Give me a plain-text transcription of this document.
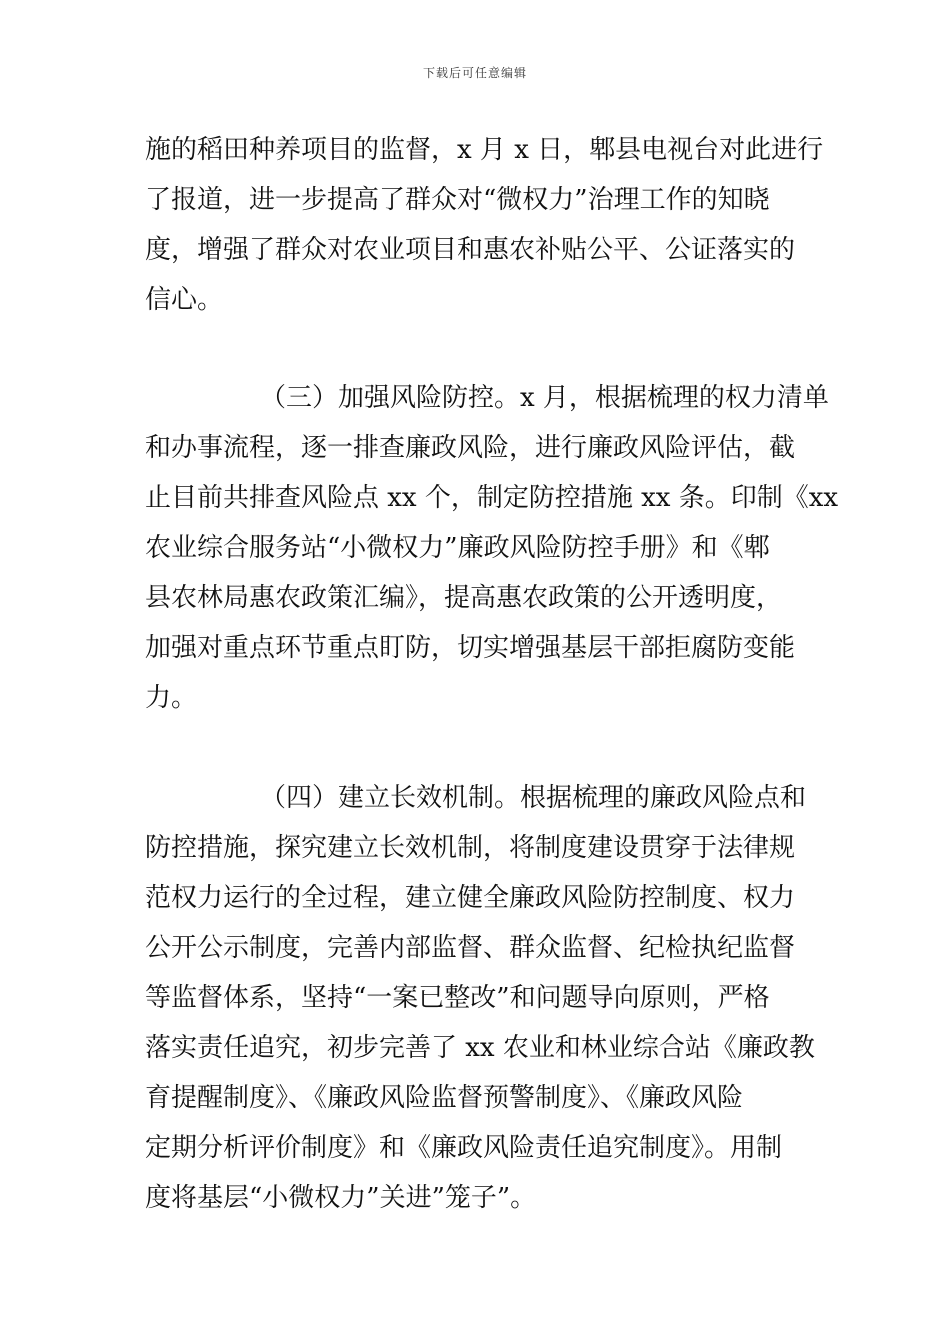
下载后可任意编辑
施的稻田种养项目的监督，x 月 x 日，郫县电视台对此进行
了报道，进一步提高了群众对“微权力”治理工作的知晓
度，增强了群众对农业项目和惠农补贴公平、公证落实的
信心。
（三）加强风险防控。x 月，根据梳理的权力清单
和办事流程，逐一排查廉政风险，进行廉政风险评估，截
止目前共排查风险点 xx 个，制定防控措施 xx 条。印制《xx
农业综合服务站“小微权力”廉政风险防控手册》和《郫
县农林局惠农政策汇编》，提高惠农政策的公开透明度，
加强对重点环节重点盯防，切实增强基层干部拒腐防变能
力。
（四）建立长效机制。根据梳理的廉政风险点和
防控措施，探究建立长效机制，将制度建设贯穿于法律规
范权力运行的全过程，建立健全廉政风险防控制度、权力
公开公示制度，完善内部监督、群众监督、纪检执纪监督
等监督体系，坚持“一案已整改”和问题导向原则，严格
落实责任追究，初步完善了 xx 农业和林业综合站《廉政教
育提醒制度》、《廉政风险监督预警制度》、《廉政风险
定期分析评价制度》和《廉政风险责任追究制度》。用制
度将基层“小微权力”关进”笼子”。
